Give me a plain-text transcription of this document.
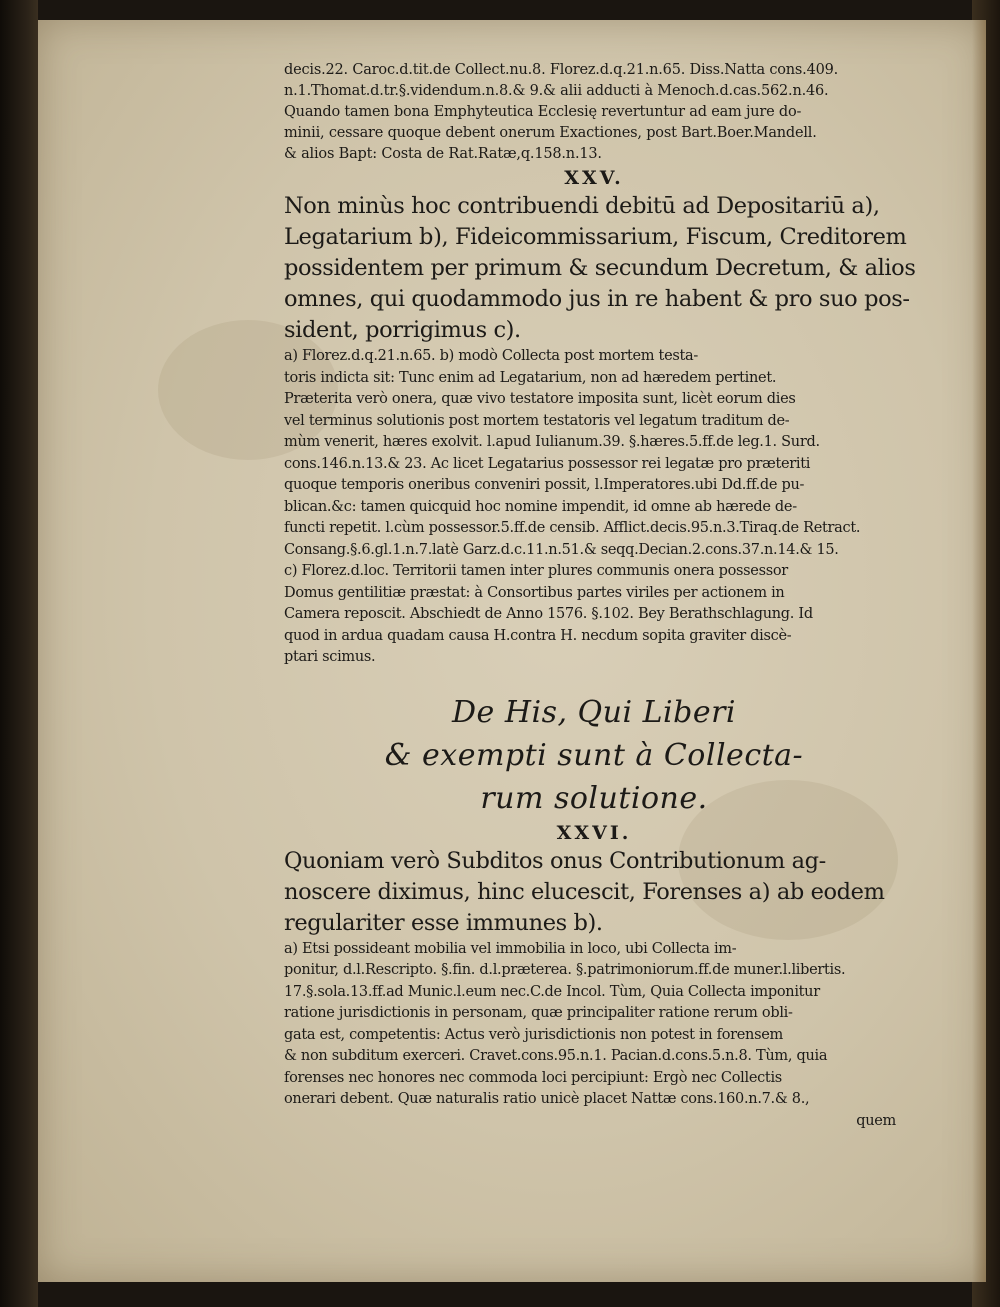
decis.22. Caroc.d.tit.de Collect.nu.8. Florez.d.q.21.n.65. Diss.Natta cons.409.
n.1.Thomat.d.tr.§.videndum.n.8.& 9.& alii adducti à Menoch.d.cas.562.n.46.
Quando tamen bona Emphyteutica Ecclesię revertuntur ad eam jure do-
minii, cessare quoque debent onerum Exactiones, post Bart.Boer.Mandell.
& alios Bapt: Costa de Rat.Ratæ,q.158.n.13.
XXV.
Non minùs hoc contribuendi debitū ad Depositariū a),
Legatarium b), Fideicommissarium, Fiscum, Creditorem
possidentem per primum & secundum Decretum, & alios
omnes, qui quodammodo jus in re habent & pro suo pos-
sident, porrigimus c).
a) Florez.d.q.21.n.65. b) modò Collecta post mortem testa-
toris indicta sit: Tunc enim ad Legatarium, non ad hæredem pertinet.
Præterita verò onera, quæ vivo testatore imposita sunt, licèt eorum dies
vel terminus solutionis post mortem testatoris vel legatum traditum de-
mùm venerit, hæres exolvit. l.apud Iulianum.39. §.hæres.5.ff.de leg.1. Surd.
cons.146.n.13.& 23. Ac licet Legatarius possessor rei legatæ pro præteriti
quoque temporis oneribus conveniri possit, l.Imperatores.ubi Dd.ff.de pu-
blican.&c: tamen quicquid hoc nomine impendit, id omne ab hærede de-
functi repetit. l.cùm possessor.5.ff.de censib. Afflict.decis.95.n.3.Tiraq.de Retract.
Consang.§.6.gl.1.n.7.latè Garz.d.c.11.n.51.& seqq.Decian.2.cons.37.n.14.& 15.
c) Florez.d.loc. Territorii tamen inter plures communis onera possessor
Domus gentilitiæ præstat: à Consortibus partes viriles per actionem in
Camera reposcit. Abschiedt de Anno 1576. §.102. Bey Berathschlagung. Id
quod in ardua quadam causa H.contra H. necdum sopita graviter discè-
ptari scimus.
De His, Qui Liberi
& exempti sunt à Collecta-
rum solutione.
XXVI.
Quoniam verò Subditos onus Contributionum ag-
noscere diximus, hinc elucescit, Forenses a) ab eodem
regulariter esse immunes b).
a) Etsi possideant mobilia vel immobilia in loco, ubi Collecta im-
ponitur, d.l.Rescripto. §.fin. d.l.præterea. §.patrimoniorum.ff.de muner.l.libertis.
17.§.sola.13.ff.ad Munic.l.eum nec.C.de Incol. Tùm, Quia Collecta imponitur
ratione jurisdictionis in personam, quæ principaliter ratione rerum obli-
gata est, competentis: Actus verò jurisdictionis non potest in forensem
& non subditum exerceri. Cravet.cons.95.n.1. Pacian.d.cons.5.n.8. Tùm, quia
forenses nec honores nec commoda loci percipiunt: Ergò nec Collectis
onerari debent. Quæ naturalis ratio unicè placet Nattæ cons.160.n.7.& 8.,
quem
